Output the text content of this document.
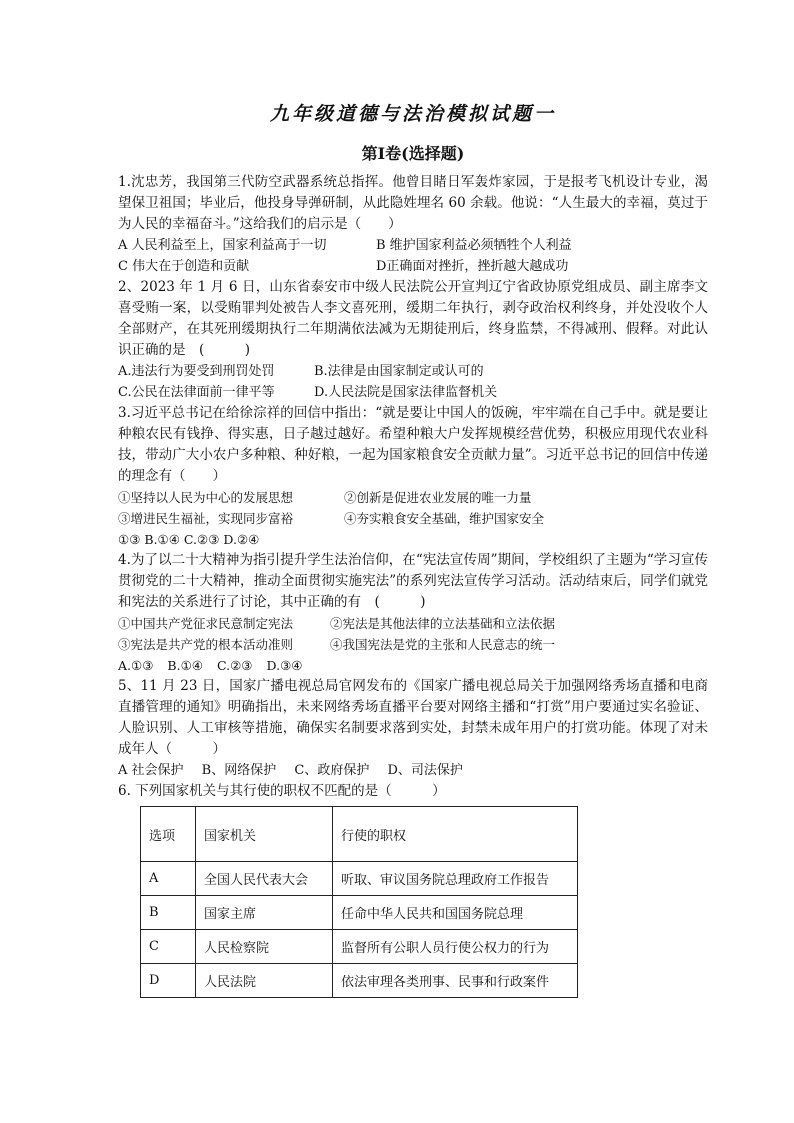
九年级道德与法治模拟试题一
第Ⅰ卷(选择题)

1.沈忠芳，我国第三代防空武器系统总指挥。他曾目睹日军轰炸家园，于是报考飞机设计专业，渴望保卫祖国；毕业后，他投身导弹研制，从此隐姓埋名 60 余载。他说：“人生最大的幸福，莫过于为人民的幸福奋斗。”这给我们的启示是（　　）

A 人民利益至上，国家利益高于一切	B 维护国家利益必须牺牲个人利益
C 伟大在于创造和贡献	D正确面对挫折，挫折越大越成功

2、2023 年 1 月 6 日，山东省泰安市中级人民法院公开宣判辽宁省政协原党组成员、副主席李文喜受贿一案，以受贿罪判处被告人李文喜死刑，缓期二年执行，剥夺政治权利终身，并处没收个人全部财产，在其死刑缓期执行二年期满依法减为无期徒刑后，终身监禁，不得减刑、假释。对此认识正确的是　(　　　)

A.违法行为要受到刑罚处罚	B.法律是由国家制定或认可的
C.公民在法律面前一律平等	D.人民法院是国家法律监督机关

3.习近平总书记在给徐淙祥的回信中指出：“就是要让中国人的饭碗，牢牢端在自己手中。就是要让种粮农民有钱挣、得实惠，日子越过越好。希望种粮大户发挥规模经营优势，积极应用现代农业科技，带动广大小农户多种粮、种好粮，一起为国家粮食安全贡献力量”。习近平总书记的回信中传递的理念有（　　）

①坚持以人民为中心的发展思想	②创新是促进农业发展的唯一力量
③增进民生福祉，实现同步富裕	④夯实粮食安全基础，维护国家安全
①③ B.①④ C.②③ D.②④

4.为了以二十大精神为指引提升学生法治信仰，在“宪法宣传周”期间，学校组织了主题为“学习宣传贯彻党的二十大精神，推动全面贯彻实施宪法”的系列宪法宣传学习活动。活动结束后，同学们就党和宪法的关系进行了讨论，其中正确的有　(　　　)

①中国共产党征求民意制定宪法	②宪法是其他法律的立法基础和立法依据
③宪法是共产党的根本活动准则	④我国宪法是党的主张和人民意志的统一
A.①③ B.①④ C.②③ D.③④

5、11 月 23 日，国家广播电视总局官网发布的《国家广播电视总局关于加强网络秀场直播和电商直播管理的通知》明确指出，未来网络秀场直播平台要对网络主播和“打赏”用户要通过实名验证、人脸识别、人工审核等措施，确保实名制要求落到实处，封禁未成年用户的打赏功能。体现了对未成年人（　　　）

A 社会保护 B、网络保护 C、政府保护 D、司法保护

6. 下列国家机关与其行使的职权不匹配的是（　　　）

选项	国家机关	行使的职权
A	全国人民代表大会	听取、审议国务院总理政府工作报告
B	国家主席	任命中华人民共和国国务院总理
C	人民检察院	监督所有公职人员行使公权力的行为
D	人民法院	依法审理各类刑事、民事和行政案件
